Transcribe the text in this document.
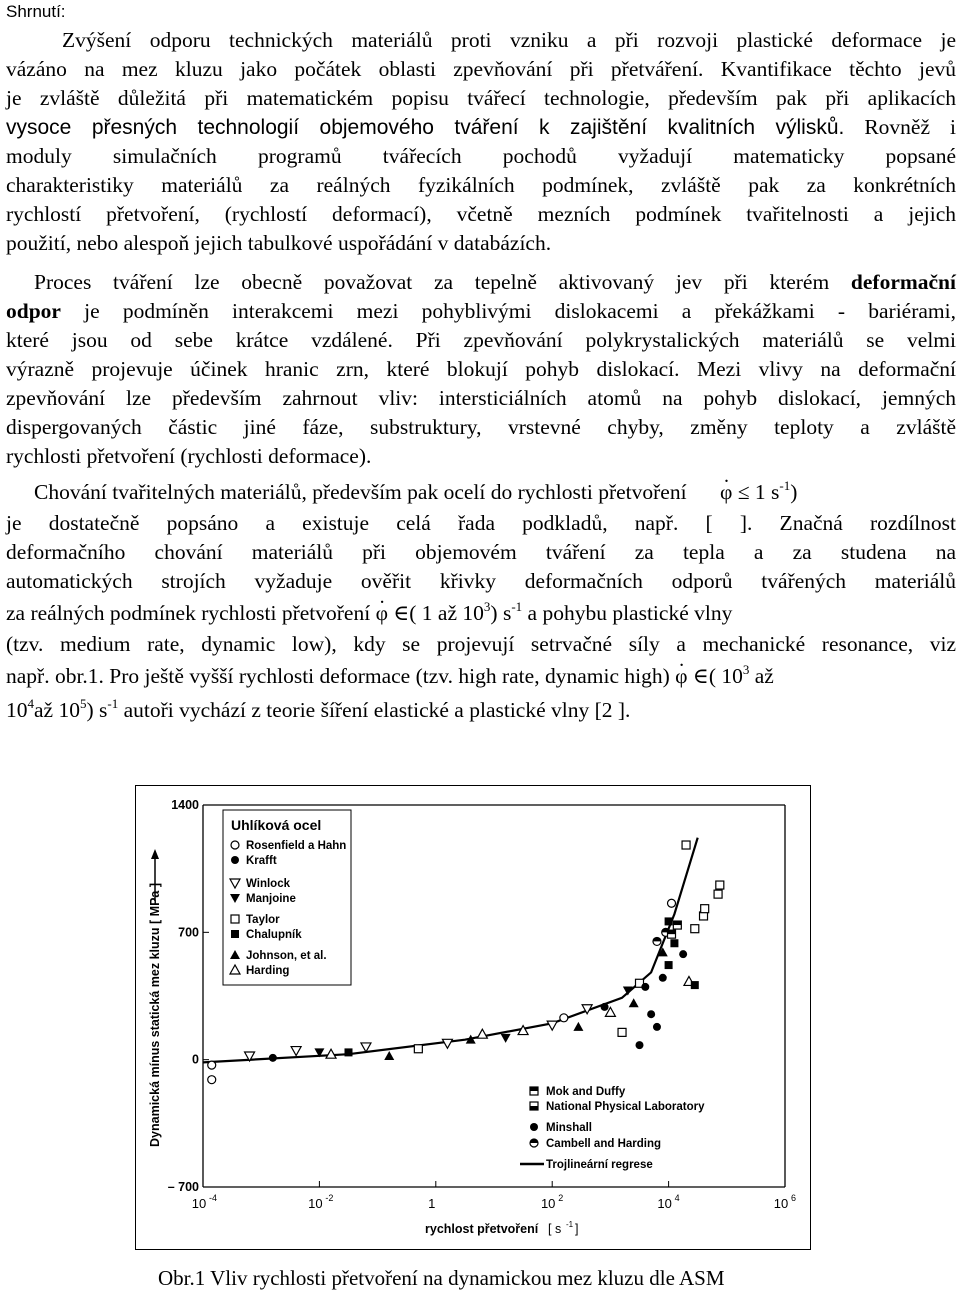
Shrnutí:
Zvýšení odporu technických materiálů proti vzniku a při rozvoji plastické deformace je
vázáno na mez kluzu jako počátek oblasti zpevňování při přetváření. Kvantifikace těchto jevů
je zvláště důležitá při matematickém popisu tvářecí technologie, především pak při aplikacích
vysoce přesných technologií objemového tváření k zajištění kvalitních výlisků. Rovněž i
moduly simulačních programů tvářecích pochodů vyžadují matematicky popsané
charakteristiky materiálů za reálných fyzikálních podmínek, zvláště pak za konkrétních
rychlostí přetvoření, (rychlostí deformací), včetně mezních podmínek tvařitelnosti a jejich
použití, nebo alespoň jejich tabulkové uspořádání v databázích.
Proces tváření lze obecně považovat za tepelně aktivovaný jev při kterém deformační
odpor je podmíněn interakcemi mezi pohyblivými dislokacemi a překážkami - bariérami,
které jsou od sebe krátce vzdálené. Při zpevňování polykrystalických materiálů se velmi
výrazně projevuje účinek hranic zrn, které blokují pohyb dislokací. Mezi vlivy na deformační
zpevňování lze především zahrnout vliv: intersticiálních atomů na pohyb dislokací, jemných
dispergovaných částic jiné fáze, substruktury, vrstevné chyby, změny teploty a zvláště
rychlosti přetvoření (rychlosti deformace).
Chování tvařitelných materiálů, především pak ocelí do rychlosti přetvoření . φ ≤ 1 $s^{-1}$)
je dostatečně popsáno a existuje celá řada podkladů, např. [ ]. Značná rozdílnost
deformačního chování materiálů při objemovém tváření za tepla a za studena na
automatických strojích vyžaduje ověřit křivky deformačních odporů tvářených materiálů
za reálných podmínek rychlosti přetvoření . φ ∈( 1 až $10^3$) $s^{-1}$ a pohybu plastické vlny
(tzv. medium rate, dynamic low), kdy se projevují setrvačné síly a mechanické resonance, viz
např. obr.1. Pro ještě vyšší rychlosti deformace (tzv. high rate, dynamic high) . φ ∈( $10^3$ až
$10^4až$ $10^5$) $s^{-1}$ autoři vychází z teorie šíření elastické a plastické vlny [2 ].
Dynamická mínus statická mez kluzu [ MPa ]
1400
700
0
– 700
10 -4	10 -2	1	10 2	10 4	10 6
rychlost přetvoření [ s -1 ]
Uhlíková ocel
Rosenfield a Hahn
Krafft
Winlock
Manjoine
Taylor
Chalupník
Johnson, et al.
Harding
Mok and Duffy
National Physical Laboratory
Minshall
Cambell and Harding
Trojlineární regrese
Obr.1 Vliv rychlosti přetvoření na dynamickou mez kluzu dle ASM
